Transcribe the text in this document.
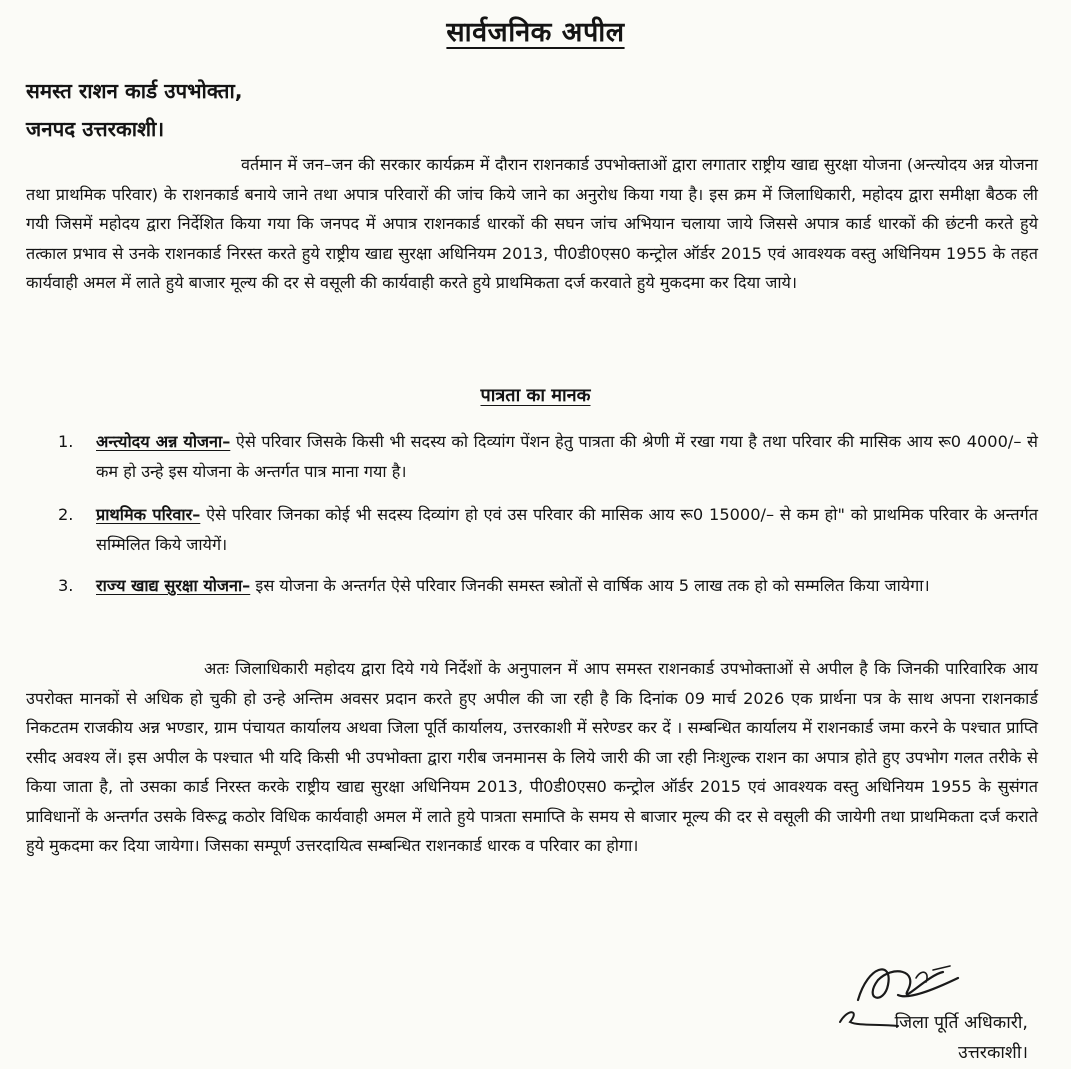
सार्वजनिक अपील
समस्त राशन कार्ड उपभोक्ता,
जनपद उत्तरकाशी।
वर्तमान में जन–जन की सरकार कार्यक्रम में दौरान राशनकार्ड उपभोक्ताओं द्वारा लगातार राष्ट्रीय खाद्य सुरक्षा योजना (अन्त्योदय अन्न योजना तथा प्राथमिक परिवार) के राशनकार्ड बनाये जाने तथा अपात्र परिवारों की जांच किये जाने का अनुरोध किया गया है। इस क्रम में जिलाधिकारी, महोदय द्वारा समीक्षा बैठक ली गयी जिसमें महोदय द्वारा निर्देशित किया गया कि जनपद में अपात्र राशनकार्ड धारकों की सघन जांच अभियान चलाया जाये जिससे अपात्र कार्ड धारकों की छंटनी करते हुये तत्काल प्रभाव से उनके राशनकार्ड निरस्त करते हुये राष्ट्रीय खाद्य सुरक्षा अधिनियम 2013, पी0डी0एस0 कन्ट्रोल ऑर्डर 2015 एवं आवश्यक वस्तु अधिनियम 1955 के तहत कार्यवाही अमल में लाते हुये बाजार मूल्य की दर से वसूली की कार्यवाही करते हुये प्राथमिकता दर्ज करवाते हुये मुकदमा कर दिया जाये।
पात्रता का मानक
1.	अन्त्योदय अन्न योजना– ऐसे परिवार जिसके किसी भी सदस्य को दिव्यांग पेंशन हेतु पात्रता की श्रेणी में रखा गया है तथा परिवार की मासिक आय रू0 4000/– से कम हो उन्हे इस योजना के अन्तर्गत पात्र माना गया है।
2.	प्राथमिक परिवार– ऐसे परिवार जिनका कोई भी सदस्य दिव्यांग हो एवं उस परिवार की मासिक आय रू0 15000/– से कम हो" को प्राथमिक परिवार के अन्तर्गत सम्मिलित किये जायेगें।
3.	राज्य खाद्य सुरक्षा योजना– इस योजना के अन्तर्गत ऐसे परिवार जिनकी समस्त स्त्रोतों से वार्षिक आय 5 लाख तक हो को सम्मलित किया जायेगा।
अतः जिलाधिकारी महोदय द्वारा दिये गये निर्देशों के अनुपालन में आप समस्त राशनकार्ड उपभोक्ताओं से अपील है कि जिनकी पारिवारिक आय उपरोक्त मानकों से अधिक हो चुकी हो उन्हे अन्तिम अवसर प्रदान करते हुए अपील की जा रही है कि दिनांक 09 मार्च 2026 एक प्रार्थना पत्र के साथ अपना राशनकार्ड निकटतम राजकीय अन्न भण्डार, ग्राम पंचायत कार्यालय अथवा जिला पूर्ति कार्यालय, उत्तरकाशी में सरेण्डर कर दें । सम्बन्धित कार्यालय में राशनकार्ड जमा करने के पश्चात प्राप्ति रसीद अवश्य लें। इस अपील के पश्चात भी यदि किसी भी उपभोक्ता द्वारा गरीब जनमानस के लिये जारी की जा रही निःशुल्क राशन का अपात्र होते हुए उपभोग गलत तरीके से किया जाता है, तो उसका कार्ड निरस्त करके राष्ट्रीय खाद्य सुरक्षा अधिनियम 2013, पी0डी0एस0 कन्ट्रोल ऑर्डर 2015 एवं आवश्यक वस्तु अधिनियम 1955 के सुसंगत प्राविधानों के अन्तर्गत उसके विरूद्व कठोर विधिक कार्यवाही अमल में लाते हुये पात्रता समाप्ति के समय से बाजार मूल्य की दर से वसूली की जायेगी तथा प्राथमिकता दर्ज कराते हुये मुकदमा कर दिया जायेगा। जिसका सम्पूर्ण उत्तरदायित्व सम्बन्धित राशनकार्ड धारक व परिवार का होगा।
जिला पूर्ति अधिकारी,
उत्तरकाशी।
